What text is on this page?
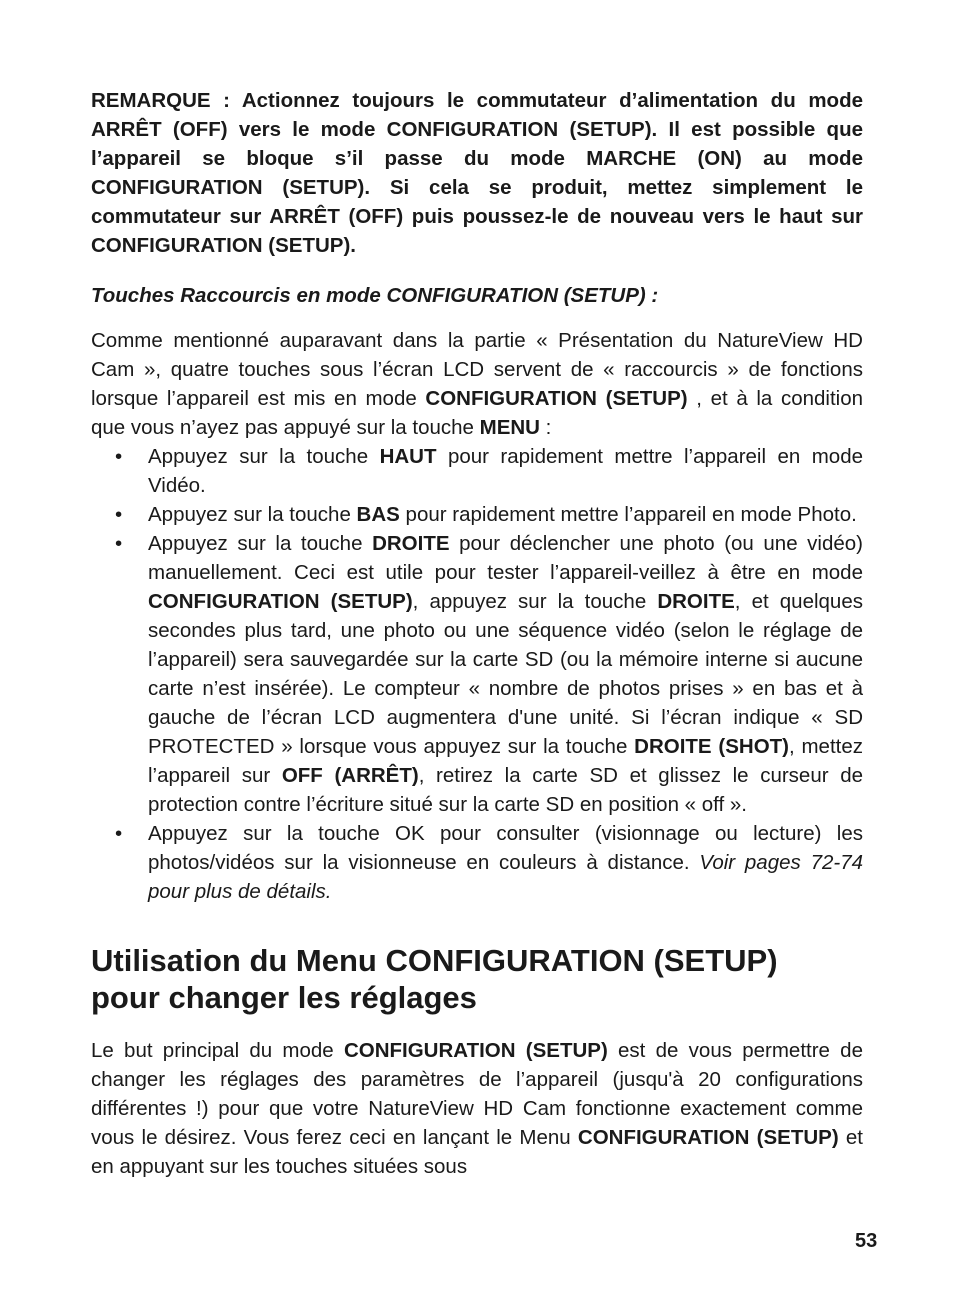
REMARQUE : Actionnez toujours le commutateur d’alimentation du mode ARRÊT (OFF) vers le mode CONFIGURATION (SETUP). Il est possible que l’appareil se bloque s’il passe du mode MARCHE (ON) au mode CONFIGURATION (SETUP). Si cela se produit, mettez simplement le commutateur sur ARRÊT (OFF) puis poussez-le de nouveau vers le haut sur CONFIGURATION (SETUP).

Touches Raccourcis en mode CONFIGURATION (SETUP) :

Comme mentionné auparavant dans la partie « Présentation du NatureView HD Cam », quatre touches sous l’écran LCD servent de « raccourcis » de fonctions lorsque l’appareil est mis en mode CONFIGURATION (SETUP) , et à la condition que vous n’ayez pas appuyé sur la touche MENU :

• Appuyez sur la touche HAUT pour rapidement mettre l’appareil en mode Vidéo.
• Appuyez sur la touche BAS pour rapidement mettre l’appareil en mode Photo.
• Appuyez sur la touche DROITE pour déclencher une photo (ou une vidéo) manuellement. Ceci est utile pour tester l’appareil-veillez à être en mode CONFIGURATION (SETUP), appuyez sur la touche DROITE, et quelques secondes plus tard, une photo ou une séquence vidéo (selon le réglage de l’appareil) sera sauvegardée sur la carte SD (ou la mémoire interne si aucune carte n’est insérée). Le compteur « nombre de photos prises » en bas et à gauche de l’écran LCD augmentera d'une unité. Si l’écran indique « SD PROTECTED » lorsque vous appuyez sur la touche DROITE (SHOT), mettez l’appareil sur OFF (ARRÊT), retirez la carte SD et glissez le curseur de protection contre l’écriture situé sur la carte SD en position « off ».
• Appuyez sur la touche OK pour consulter (visionnage ou lecture) les photos/vidéos sur la visionneuse en couleurs à distance. Voir pages 72-74 pour plus de détails.
Utilisation du Menu CONFIGURATION (SETUP)
pour changer les réglages

Le but principal du mode CONFIGURATION (SETUP) est de vous permettre de changer les réglages des paramètres de l’appareil (jusqu'à 20 configurations différentes !) pour que votre NatureView HD Cam fonctionne exactement comme vous le désirez. Vous ferez ceci en lançant le Menu CONFIGURATION (SETUP) et en appuyant sur les touches situées sous

53
